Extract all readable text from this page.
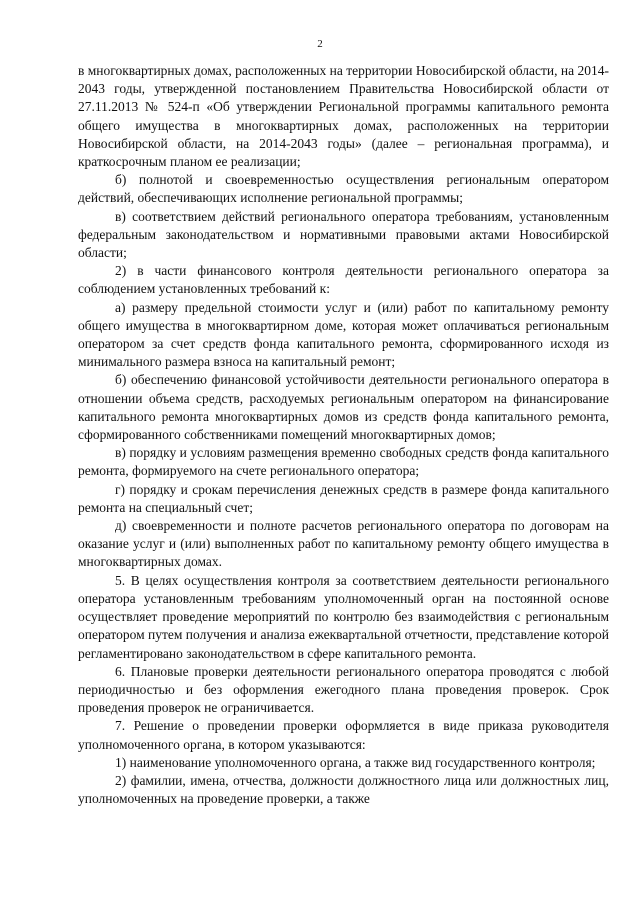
2

в многоквартирных домах, расположенных на территории Новосибирской области, на 2014-2043 годы, утвержденной постановлением Правительства Новосибирской области от 27.11.2013 № 524-п «Об утверждении Региональной программы капитального ремонта общего имущества в многоквартирных домах, расположенных на территории Новосибирской области, на 2014-2043 годы» (далее – региональная программа), и краткосрочным планом ее реализации;

б) полнотой и своевременностью осуществления региональным оператором действий, обеспечивающих исполнение региональной программы;

в) соответствием действий регионального оператора требованиям, установленным федеральным законодательством и нормативными правовыми актами Новосибирской области;

2) в части финансового контроля деятельности регионального оператора за соблюдением установленных требований к:

а) размеру предельной стоимости услуг и (или) работ по капитальному ремонту общего имущества в многоквартирном доме, которая может оплачиваться региональным оператором за счет средств фонда капитального ремонта, сформированного исходя из минимального размера взноса на капитальный ремонт;

б) обеспечению финансовой устойчивости деятельности регионального оператора в отношении объема средств, расходуемых региональным оператором на финансирование капитального ремонта многоквартирных домов из средств фонда капитального ремонта, сформированного собственниками помещений многоквартирных домов;

в) порядку и условиям размещения временно свободных средств фонда капитального ремонта, формируемого на счете регионального оператора;

г) порядку и срокам перечисления денежных средств в размере фонда капитального ремонта на специальный счет;

д) своевременности и полноте расчетов регионального оператора по договорам на оказание услуг и (или) выполненных работ по капитальному ремонту общего имущества в многоквартирных домах.

5. В целях осуществления контроля за соответствием деятельности регионального оператора установленным требованиям уполномоченный орган на постоянной основе осуществляет проведение мероприятий по контролю без взаимодействия с региональным оператором путем получения и анализа ежеквартальной отчетности, представление которой регламентировано законодательством в сфере капитального ремонта.

6. Плановые проверки деятельности регионального оператора проводятся с любой периодичностью и без оформления ежегодного плана проведения проверок. Срок проведения проверок не ограничивается.

7. Решение о проведении проверки оформляется в виде приказа руководителя уполномоченного органа, в котором указываются:

1) наименование уполномоченного органа, а также вид государственного контроля;

2) фамилии, имена, отчества, должности должностного лица или должностных лиц, уполномоченных на проведение проверки, а также
